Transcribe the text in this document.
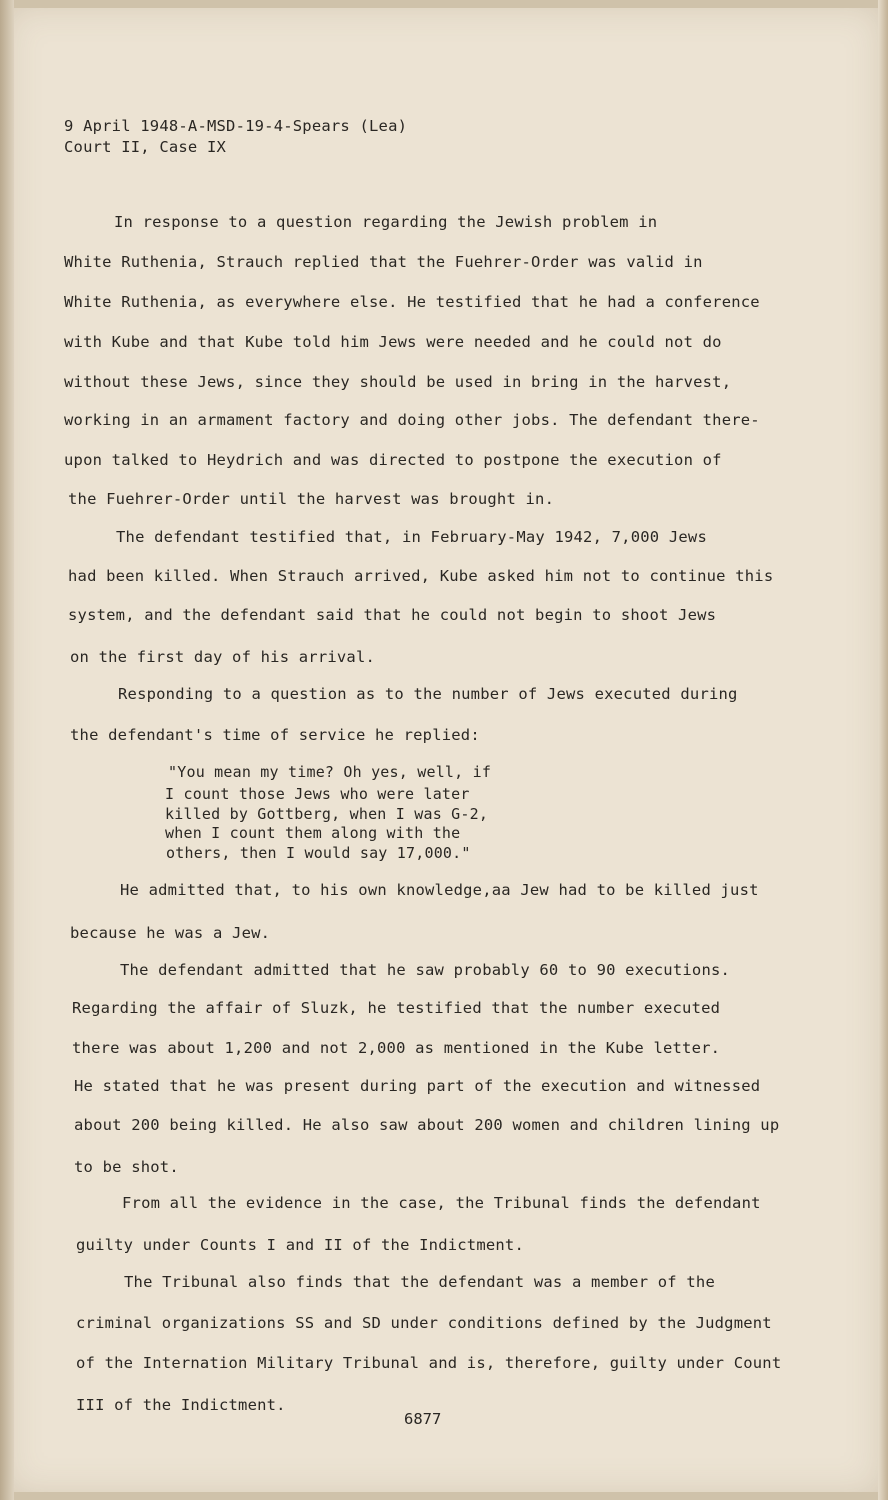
9 April 1948-A-MSD-19-4-Spears (Lea)
Court II, Case IX
In response to a question regarding the Jewish problem in
White Ruthenia, Strauch replied that the Fuehrer-Order was valid in
White Ruthenia, as everywhere else. He testified that he had a conference
with Kube and that Kube told him Jews were needed and he could not do
without these Jews, since they should be used in bring in the harvest,
working in an armament factory and doing other jobs. The defendant there-
upon talked to Heydrich and was directed to postpone the execution of
the Fuehrer-Order until the harvest was brought in.
The defendant testified that, in February-May 1942, 7,000 Jews
had been killed. When Strauch arrived, Kube asked him not to continue this
system, and the defendant said that he could not begin to shoot Jews
on the first day of his arrival.
Responding to a question as to the number of Jews executed during
the defendant's time of service he replied:
"You mean my time? Oh yes, well, if
I count those Jews who were later
killed by Gottberg, when I was G-2,
when I count them along with the
others, then I would say 17,000."
He admitted that, to his own knowledge,aa Jew had to be killed just
because he was a Jew.
The defendant admitted that he saw probably 60 to 90 executions.
Regarding the affair of Sluzk, he testified that the number executed
there was about 1,200 and not 2,000 as mentioned in the Kube letter.
He stated that he was present during part of the execution and witnessed
about 200 being killed. He also saw about 200 women and children lining up
to be shot.
From all the evidence in the case, the Tribunal finds the defendant
guilty under Counts I and II of the Indictment.
The Tribunal also finds that the defendant was a member of the
criminal organizations SS and SD under conditions defined by the Judgment
of the Internation Military Tribunal and is, therefore, guilty under Count
III of the Indictment.
6877
